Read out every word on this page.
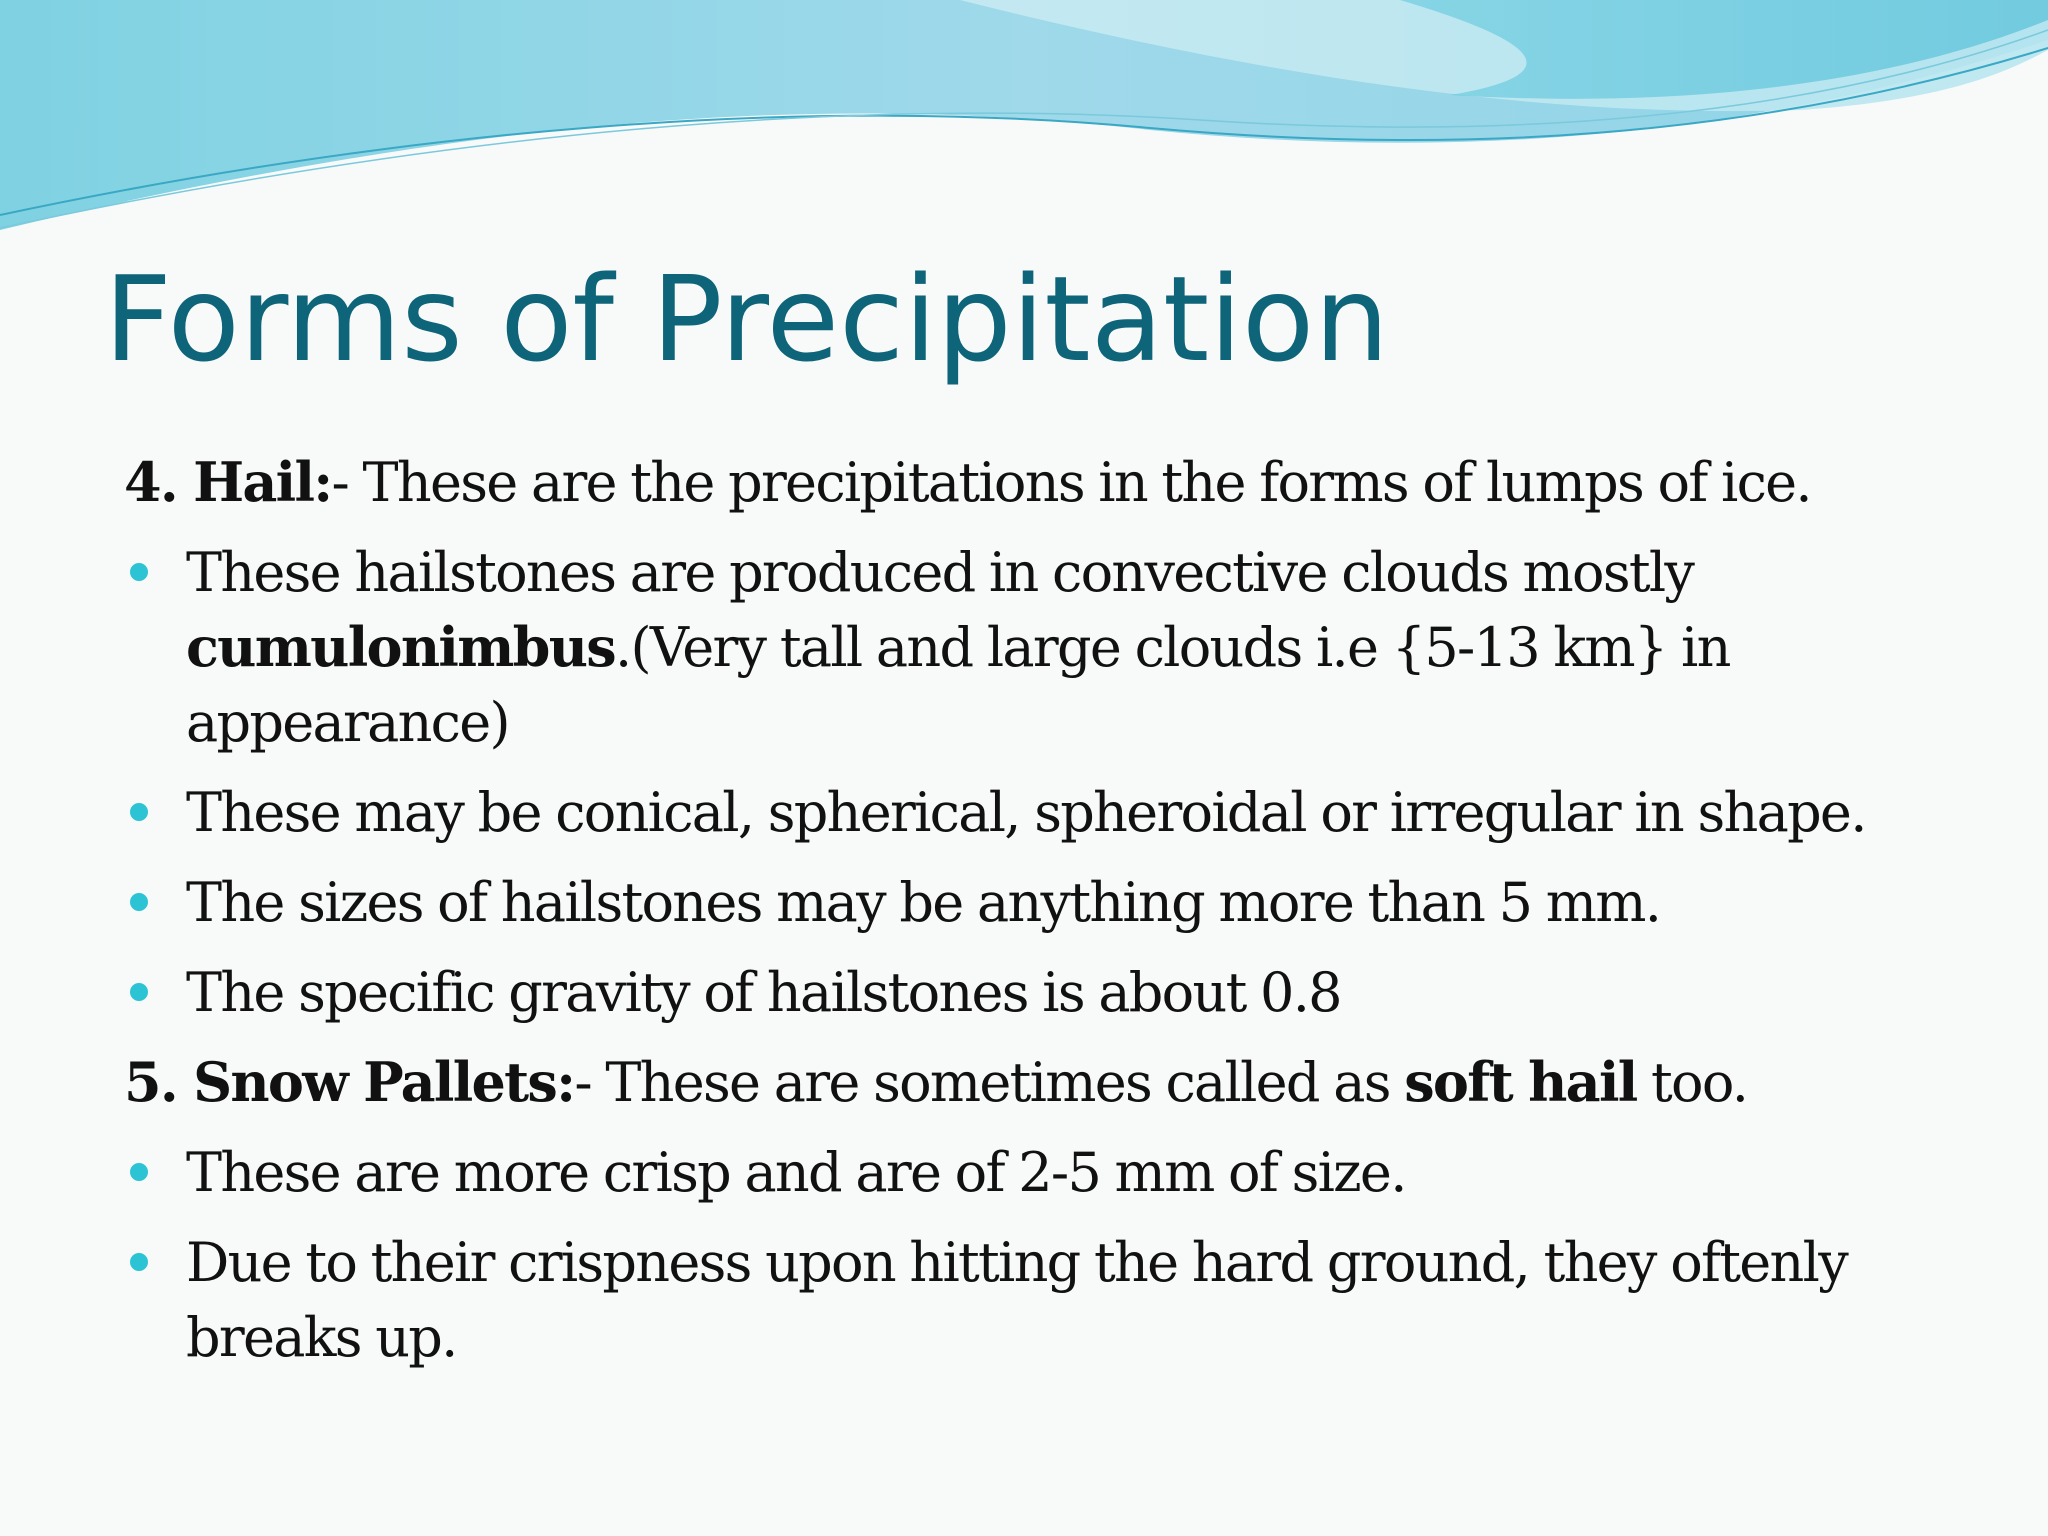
Forms of Precipitation

4. Hail:- These are the precipitations in the forms of lumps of ice.

These hailstones are produced in convective clouds mostly cumulonimbus.(Very tall and large clouds i.e {5-13 km} in appearance)
These may be conical, spherical, spheroidal or irregular in shape.
The sizes of hailstones may be anything more than 5 mm.
The specific gravity of hailstones is about 0.8

5. Snow Pallets:- These are sometimes called as soft hail too.

These are more crisp and are of 2-5 mm of size.
Due to their crispness upon hitting the hard ground, they oftenly breaks up.
